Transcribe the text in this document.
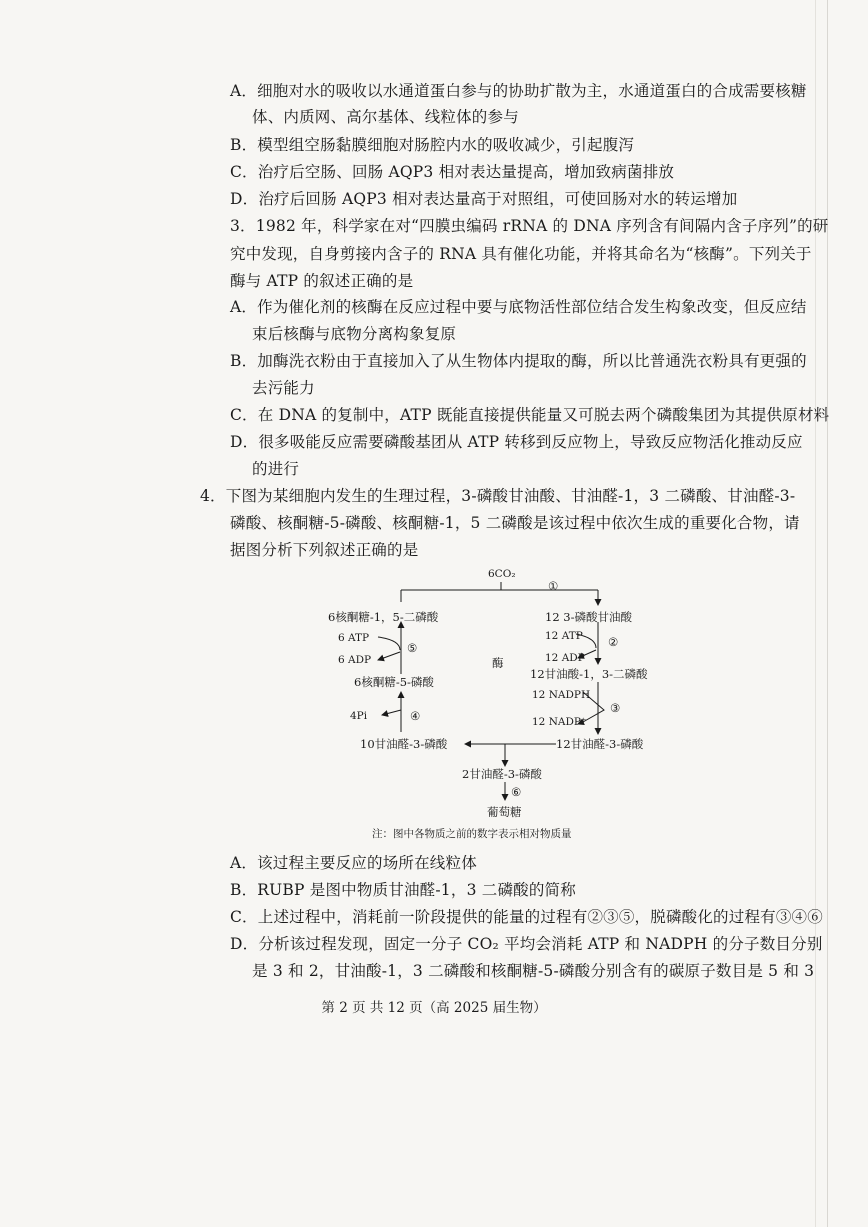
A．细胞对水的吸收以水通道蛋白参与的协助扩散为主，水通道蛋白的合成需要核糖
体、内质网、高尔基体、线粒体的参与
B．模型组空肠黏膜细胞对肠腔内水的吸收减少，引起腹泻
C．治疗后空肠、回肠 AQP3 相对表达量提高，增加致病菌排放
D．治疗后回肠 AQP3 相对表达量高于对照组，可使回肠对水的转运增加
3．1982 年，科学家在对“四膜虫编码 rRNA 的 DNA 序列含有间隔内含子序列”的研
究中发现，自身剪接内含子的 RNA 具有催化功能，并将其命名为“核酶”。下列关于
酶与 ATP 的叙述正确的是
A．作为催化剂的核酶在反应过程中要与底物活性部位结合发生构象改变，但反应结
束后核酶与底物分离构象复原
B．加酶洗衣粉由于直接加入了从生物体内提取的酶，所以比普通洗衣粉具有更强的
去污能力
C．在 DNA 的复制中，ATP 既能直接提供能量又可脱去两个磷酸集团为其提供原材料
D．很多吸能反应需要磷酸基团从 ATP 转移到反应物上，导致反应物活化推动反应
的进行
4．下图为某细胞内发生的生理过程，3-磷酸甘油酸、甘油醛-1，3 二磷酸、甘油醛-3-
磷酸、核酮糖-5-磷酸、核酮糖-1，5 二磷酸是该过程中依次生成的重要化合物，请
据图分析下列叙述正确的是
6CO₂
①
6核酮糖-1，5-二磷酸	12 3-磷酸甘油酸
12 ATP ②
12 ADP
12甘油酸-1，3-二磷酸
12 NADPH
③
12 NADP⁺
6 ATP
⑤
6 ADP	酶
6核酮糖-5-磷酸
4Pi	④
10甘油醛-3-磷酸	12甘油醛-3-磷酸
2甘油醛-3-磷酸
⑥
葡萄糖
注：图中各物质之前的数字表示相对物质量
A．该过程主要反应的场所在线粒体
B．RUBP 是图中物质甘油醛-1，3 二磷酸的简称
C．上述过程中，消耗前一阶段提供的能量的过程有②③⑤，脱磷酸化的过程有③④⑥
D．分析该过程发现，固定一分子 CO₂ 平均会消耗 ATP 和 NADPH 的分子数目分别
是 3 和 2，甘油酸-1，3 二磷酸和核酮糖-5-磷酸分别含有的碳原子数目是 5 和 3
第 2 页 共 12 页（高 2025 届生物）
